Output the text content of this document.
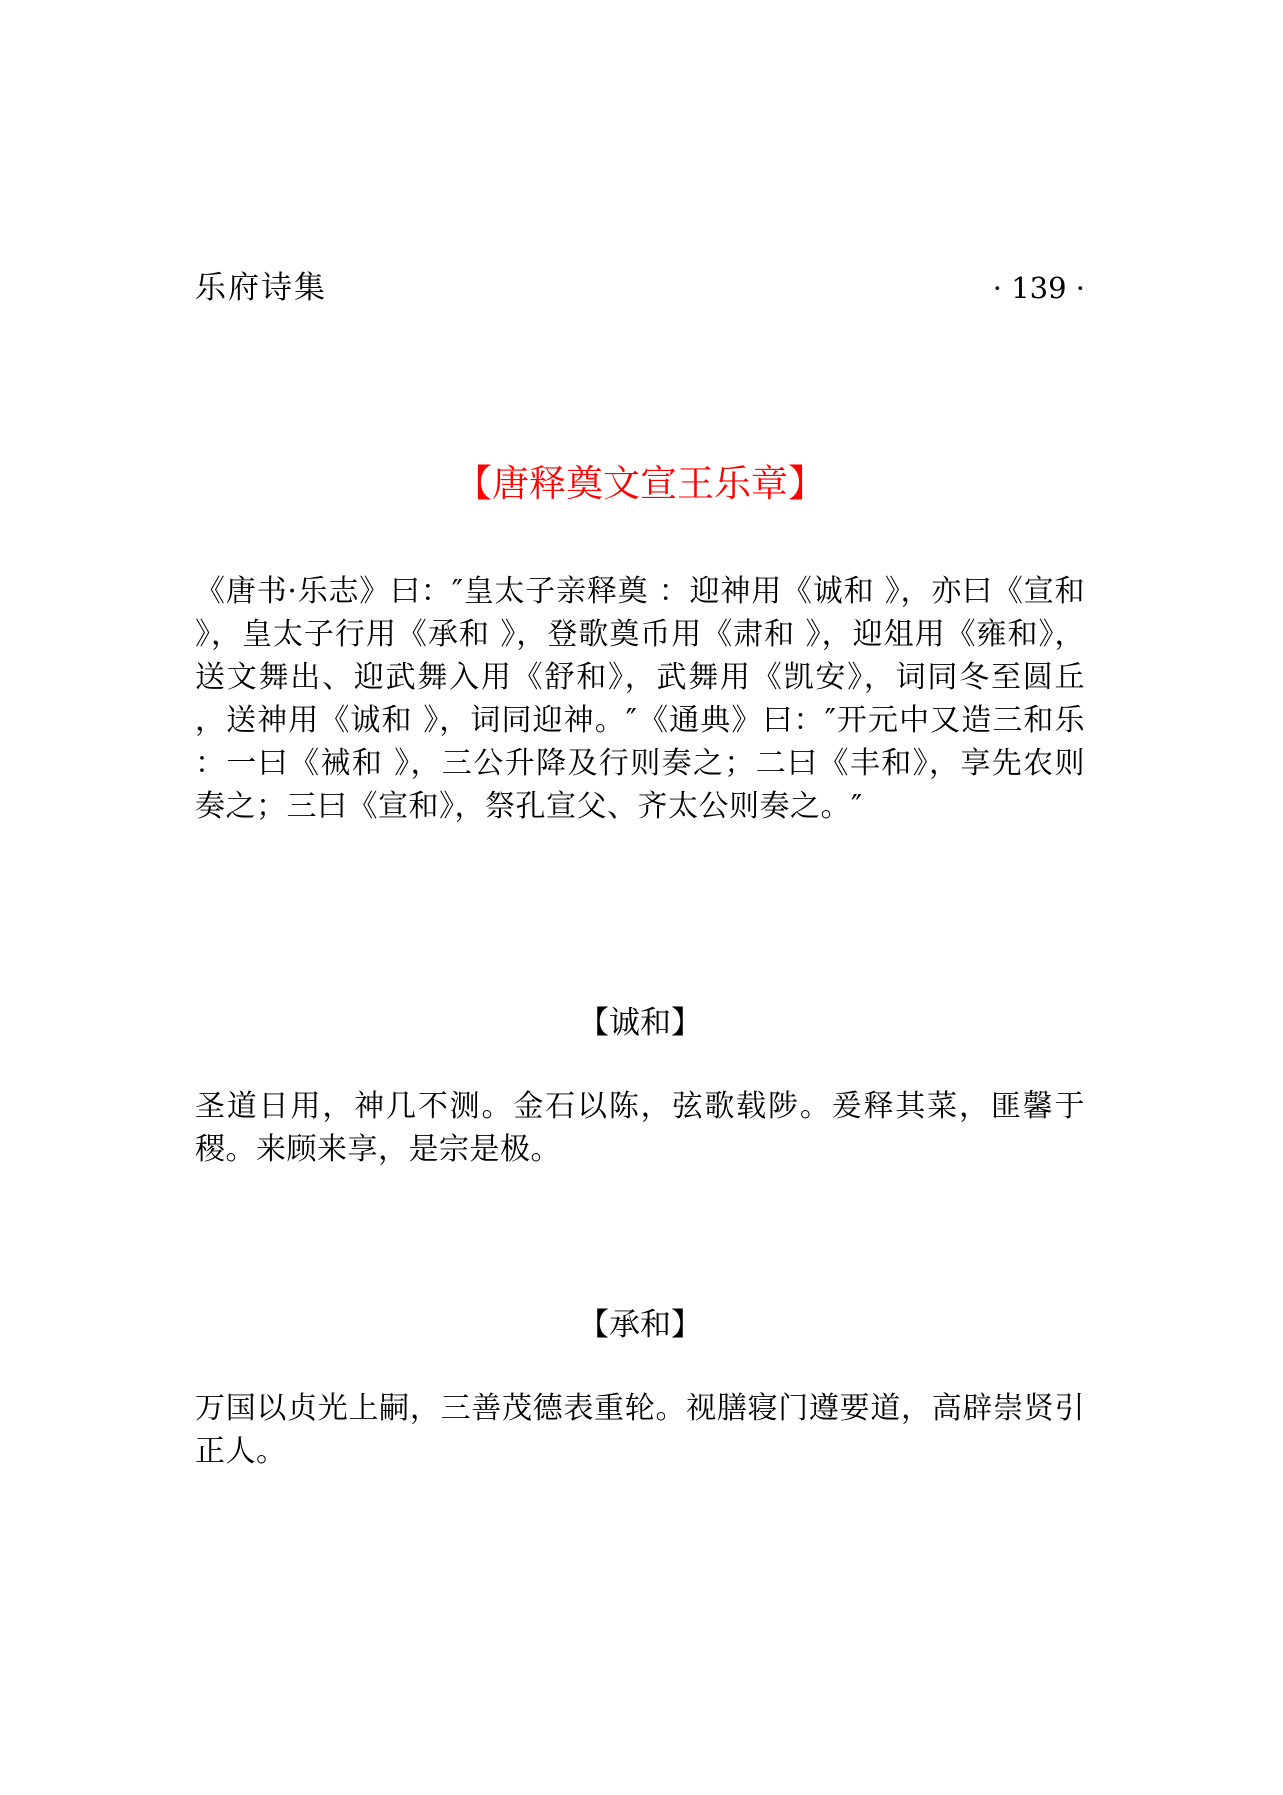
乐府诗集	· 139 ·
【唐释奠文宣王乐章】
《唐书·乐志》曰：″皇太子亲释奠 ：迎神用《诚和 》，亦曰《宣和 》，皇太子行用《承和 》，登歌奠币用《肃和 》，迎俎用《雍和》，送文舞出、迎武舞入用《舒和》，武舞用《凯安》，词同冬至圆丘 ，送神用《诚和 》，词同迎神。″《通典》曰：″开元中又造三和乐 ：一曰《祴和 》，三公升降及行则奏之；二曰《丰和》，享先农则奏之；三曰《宣和》，祭孔宣父、齐太公则奏之。″
【诚和】
圣道日用，神几不测。金石以陈，弦歌载陟。爰释其菜，匪馨于稷。来顾来享，是宗是极。
【承和】
万国以贞光上嗣，三善茂德表重轮。视膳寝门遵要道，高辟崇贤引正人。
